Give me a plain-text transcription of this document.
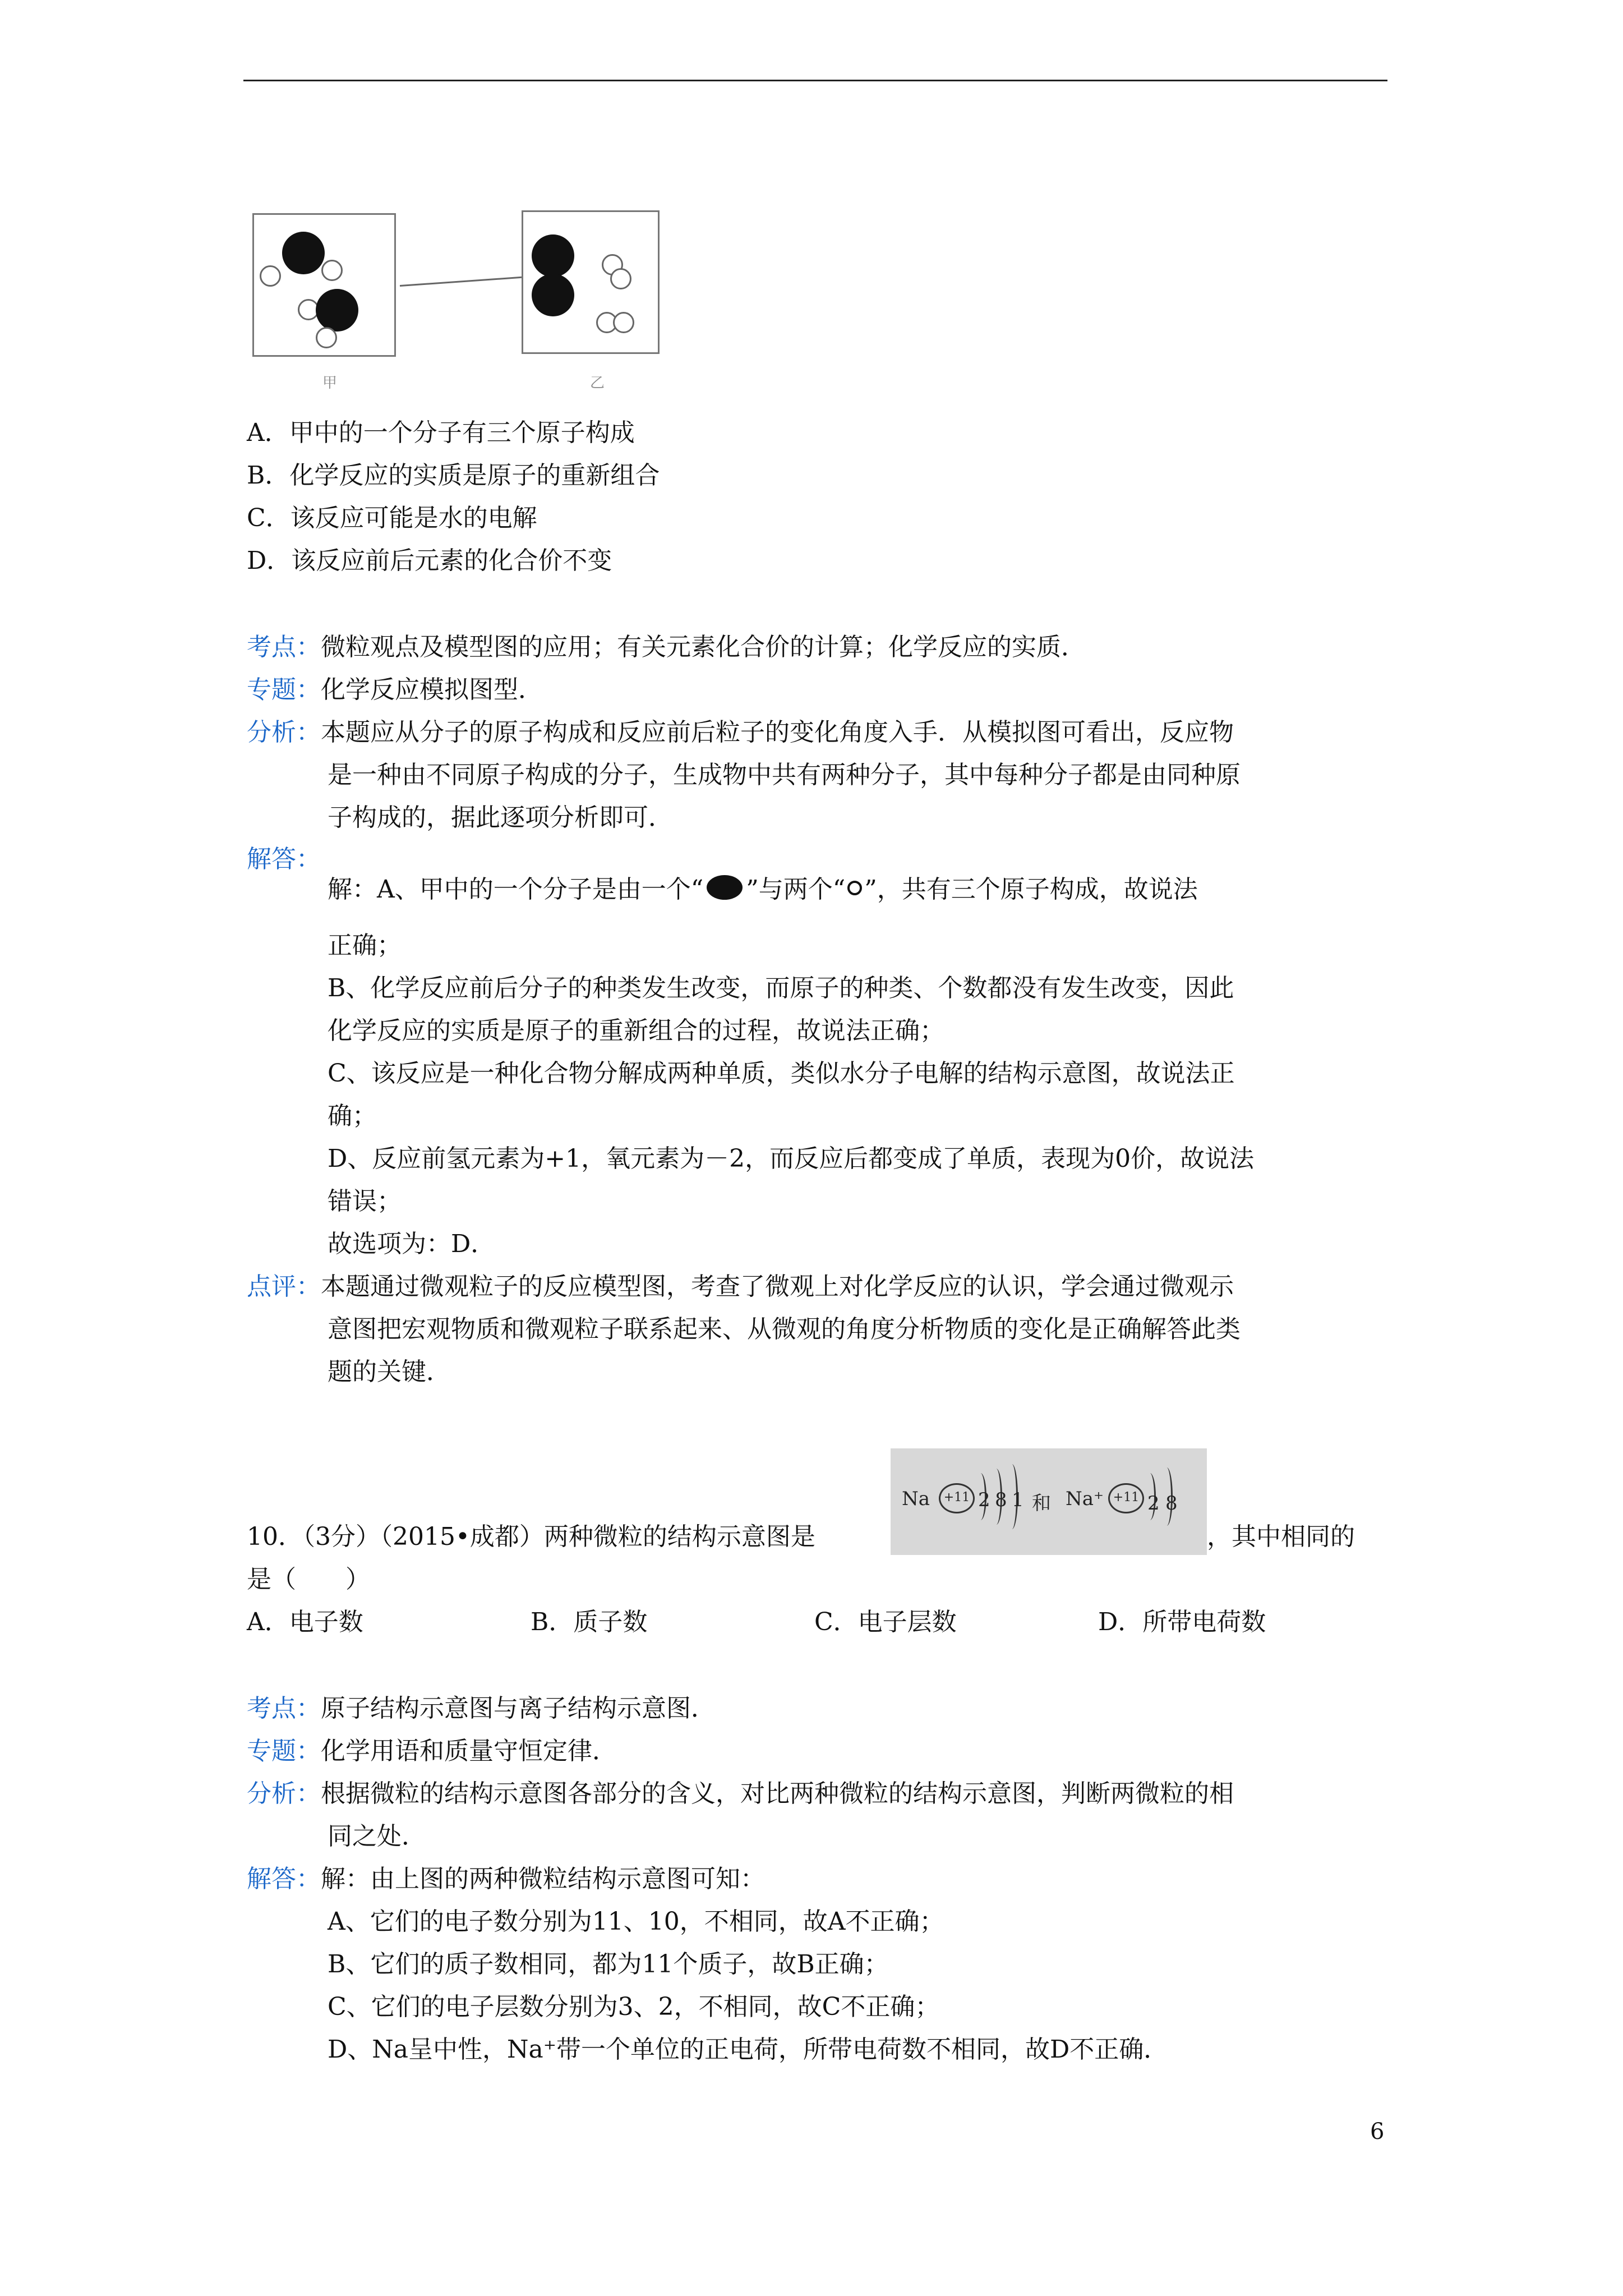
甲	乙
A．甲中的一个分子有三个原子构成
B．化学反应的实质是原子的重新组合
C．该反应可能是水的电解
D．该反应前后元素的化合价不变
考点：微粒观点及模型图的应用；有关元素化合价的计算；化学反应的实质．
专题：化学反应模拟图型．
分析：本题应从分子的原子构成和反应前后粒子的变化角度入手．从模拟图可看出，反应物
是一种由不同原子构成的分子，生成物中共有两种分子，其中每种分子都是由同种原
子构成的，据此逐项分析即可．
解答：
解：A、甲中的一个分子是由一个“ ”与两个“ ”，共有三个原子构成，故说法
正确；
B、化学反应前后分子的种类发生改变，而原子的种类、个数都没有发生改变，因此
化学反应的实质是原子的重新组合的过程，故说法正确；
C、该反应是一种化合物分解成两种单质，类似水分子电解的结构示意图，故说法正
确；
D、反应前氢元素为+1，氧元素为－2，而反应后都变成了单质，表现为0价，故说法
错误；
故选项为：D．
点评：本题通过微观粒子的反应模型图，考查了微观上对化学反应的认识，学会通过微观示
意图把宏观物质和微观粒子联系起来、从微观的角度分析物质的变化是正确解答此类
题的关键．
Na	+11 2 8 1 和 Na⁺ +11 2 8
10．（3分）（2015•成都）两种微粒的结构示意图是	，其中相同的
是（　　）
A．电子数	B．质子数	C．电子层数	D．所带电荷数
考点：原子结构示意图与离子结构示意图．
专题：化学用语和质量守恒定律．
分析：根据微粒的结构示意图各部分的含义，对比两种微粒的结构示意图，判断两微粒的相
同之处．
解答：解：由上图的两种微粒结构示意图可知：
A、它们的电子数分别为11、10，不相同，故A不正确；
B、它们的质子数相同，都为11个质子，故B正确；
C、它们的电子层数分别为3、2，不相同，故C不正确；
D、Na呈中性，Na⁺带一个单位的正电荷，所带电荷数不相同，故D不正确．
6
